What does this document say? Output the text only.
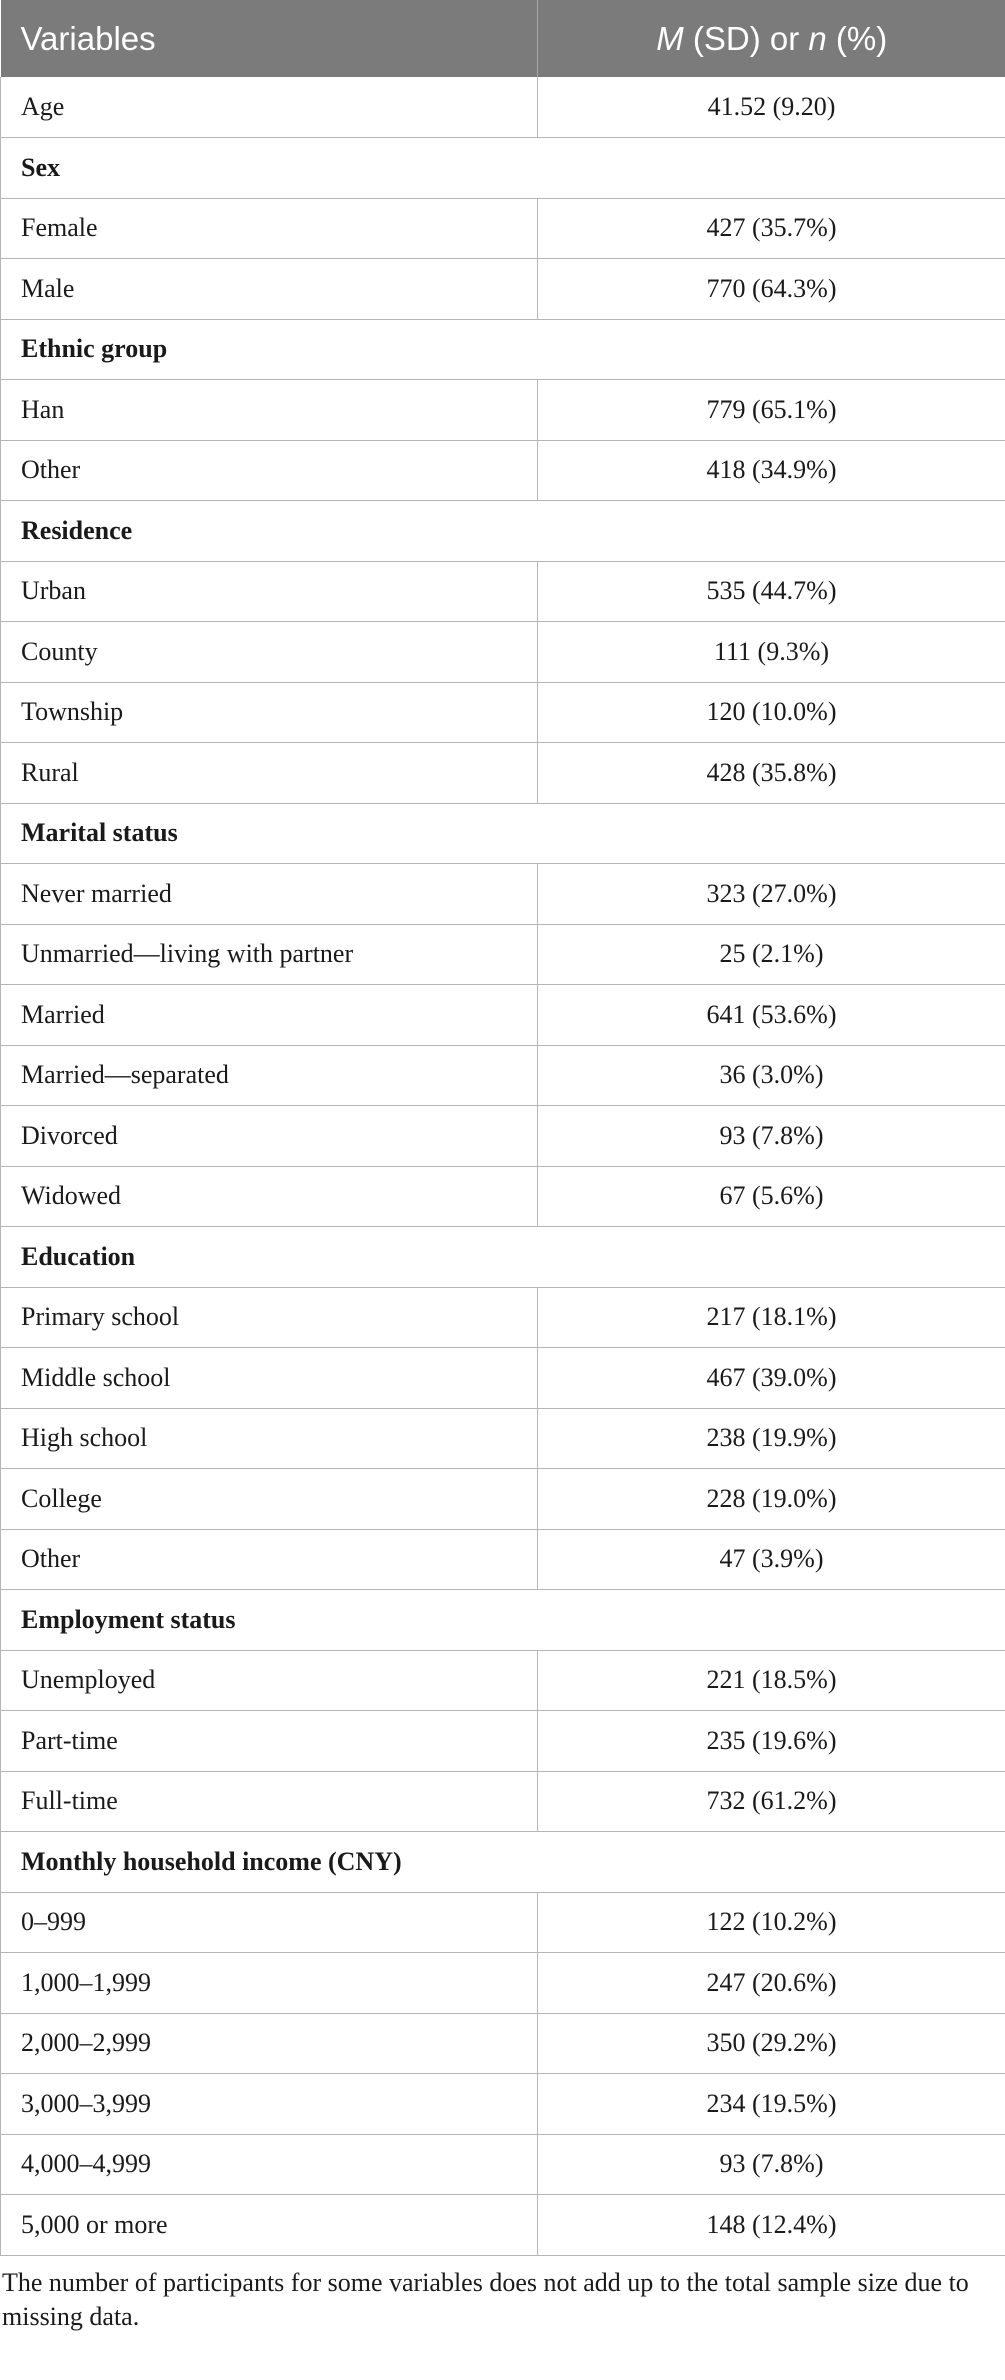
Variables	M (SD) or n (%)
Age	41.52 (9.20)
Sex	
Female	427 (35.7%)
Male	770 (64.3%)
Ethnic group	
Han	779 (65.1%)
Other	418 (34.9%)
Residence	
Urban	535 (44.7%)
County	111 (9.3%)
Township	120 (10.0%)
Rural	428 (35.8%)
Marital status	
Never married	323 (27.0%)
Unmarried—living with partner	25 (2.1%)
Married	641 (53.6%)
Married—separated	36 (3.0%)
Divorced	93 (7.8%)
Widowed	67 (5.6%)
Education	
Primary school	217 (18.1%)
Middle school	467 (39.0%)
High school	238 (19.9%)
College	228 (19.0%)
Other	47 (3.9%)
Employment status	
Unemployed	221 (18.5%)
Part-time	235 (19.6%)
Full-time	732 (61.2%)
Monthly household income (CNY)	
0–999	122 (10.2%)
1,000–1,999	247 (20.6%)
2,000–2,999	350 (29.2%)
3,000–3,999	234 (19.5%)
4,000–4,999	93 (7.8%)
5,000 or more	148 (12.4%)
The number of participants for some variables does not add up to the total sample size due to missing data.
